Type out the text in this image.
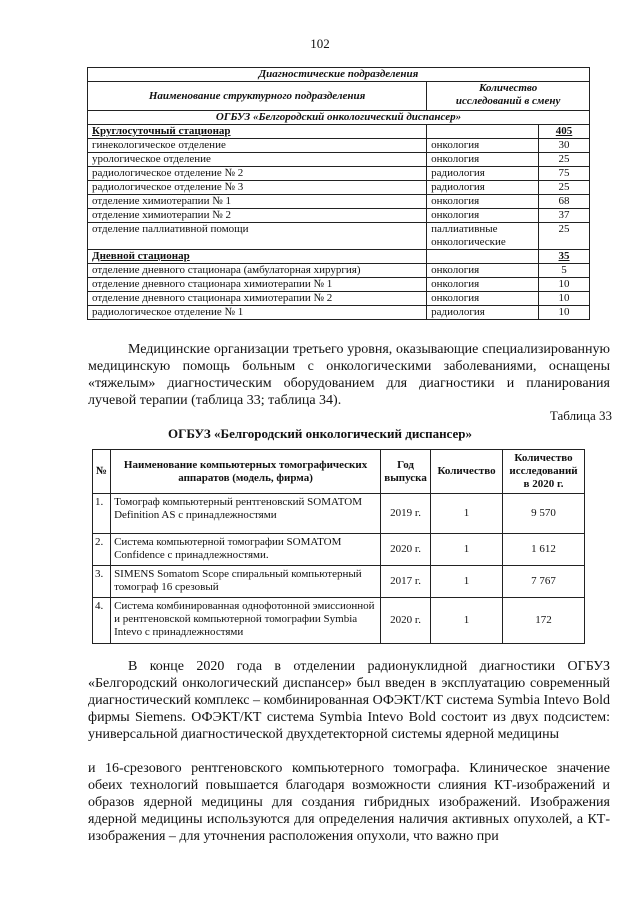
102
Диагностические подразделения		
Наименование структурного подразделения	Количество
исследований в смену	
ОГБУЗ «Белгородский онкологический диспансер»		
Круглосуточный стационар		405
гинекологическое отделение	онкология	30
урологическое отделение	онкология	25
радиологическое отделение № 2	радиология	75
радиологическое отделение № 3	радиология	25
отделение химиотерапии № 1	онкология	68
отделение химиотерапии № 2	онкология	37
отделение паллиативной помощи	паллиативные онкологические	25
Дневной стационар		35
отделение дневного стационара (амбулаторная хирургия)	онкология	5
отделение дневного стационара химиотерапии № 1	онкология	10
отделение дневного стационара химиотерапии № 2	онкология	10
радиологическое отделение № 1	радиология	10
Медицинские организации третьего уровня, оказывающие специализированную медицинскую помощь больным с онкологическими заболеваниями, оснащены «тяжелым» диагностическим оборудованием для диагностики и планирования лучевой терапии (таблица 33; таблица 34).
Таблица 33
ОГБУЗ «Белгородский онкологический диспансер»
№	Наименование компьютерных томографических аппаратов (модель, фирма)	Год выпуска	Количество	Количество исследований в 2020 г.
1.	Томограф компьютерный рентгеновский SOMATOM Definition AS с принадлежностями	2019 г.	1	9 570
2.	Система компьютерной томографии SOMATOM Confidence с принадлежностями.	2020 г.	1	1 612
3.	SIMENS Somatom Scope спиральный компьютерный томограф 16 срезовый	2017 г.	1	7 767
4.	Система комбинированная однофотонной эмиссионной и рентгеновской компьютерной томографии Symbia Intevo с принадлежностями	2020 г.	1	172
В конце 2020 года в отделении радионуклидной диагностики ОГБУЗ «Белгородский онкологический диспансер» был введен в эксплуатацию современный диагностический комплекс – комбинированная ОФЭКТ/КТ система Symbia Intevo Bold фирмы Siemens. ОФЭКТ/КТ система Symbia Intevo Bold состоит из двух подсистем: универсальной диагностической двухдетекторной системы ядерной медицины
и 16-срезового рентгеновского компьютерного томографа. Клиническое значение обеих технологий повышается благодаря возможности слияния КТ-изображений и образов ядерной медицины для создания гибридных изображений. Изображения ядерной медицины используются для определения наличия активных опухолей, а КТ-изображения – для уточнения расположения опухоли, что важно при
